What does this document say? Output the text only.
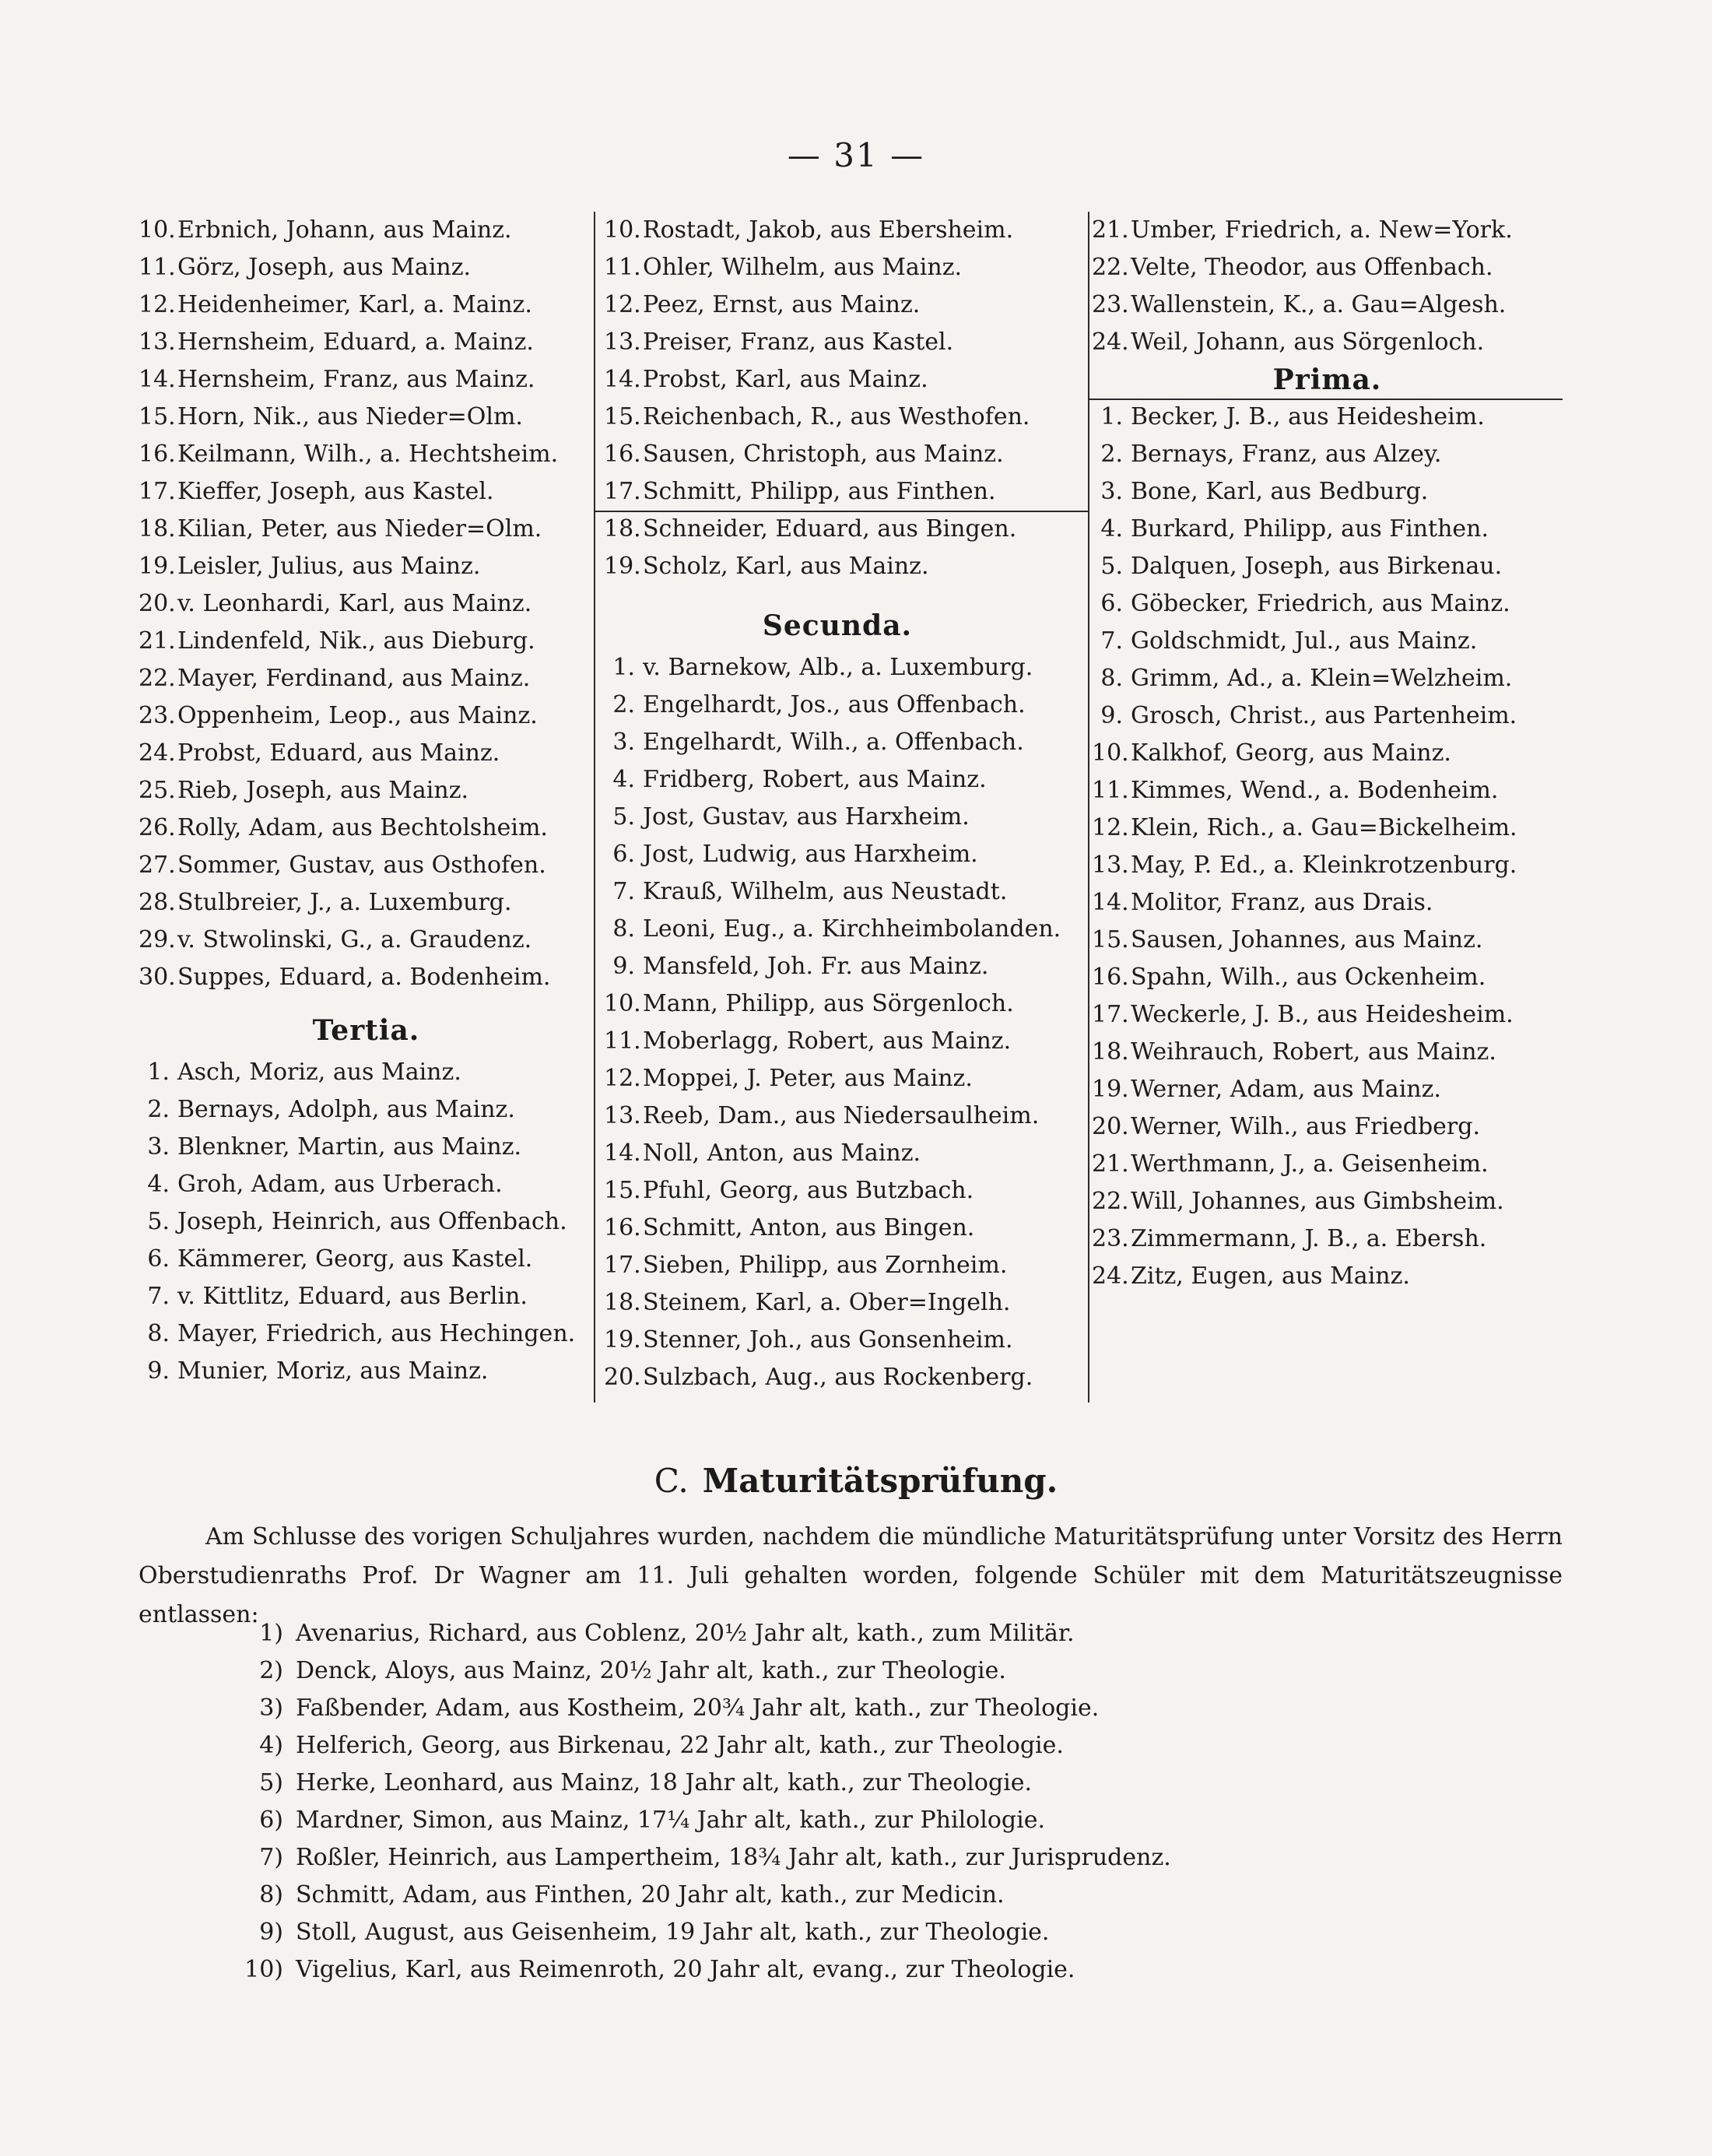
— 31 —
10.Erbnich, Johann, aus Mainz.
11.Görz, Joseph, aus Mainz.
12.Heidenheimer, Karl, a. Mainz.
13.Hernsheim, Eduard, a. Mainz.
14.Hernsheim, Franz, aus Mainz.
15.Horn, Nik., aus Nieder=Olm.
16.Keilmann, Wilh., a. Hechtsheim.
17.Kieffer, Joseph, aus Kastel.
18.Kilian, Peter, aus Nieder=Olm.
19.Leisler, Julius, aus Mainz.
20.v. Leonhardi, Karl, aus Mainz.
21.Lindenfeld, Nik., aus Dieburg.
22.Mayer, Ferdinand, aus Mainz.
23.Oppenheim, Leop., aus Mainz.
24.Probst, Eduard, aus Mainz.
25.Rieb, Joseph, aus Mainz.
26.Rolly, Adam, aus Bechtolsheim.
27.Sommer, Gustav, aus Osthofen.
28.Stulbreier, J., a. Luxemburg.
29.v. Stwolinski, G., a. Graudenz.
30.Suppes, Eduard, a. Bodenheim.
Tertia.
1. Asch, Moriz, aus Mainz.
2. Bernays, Adolph, aus Mainz.
3. Blenkner, Martin, aus Mainz.
4. Groh, Adam, aus Urberach.
5. Joseph, Heinrich, aus Offenbach.
6. Kämmerer, Georg, aus Kastel.
7. v. Kittlitz, Eduard, aus Berlin.
8. Mayer, Friedrich, aus Hechingen.
9. Munier, Moriz, aus Mainz.
10.Rostadt, Jakob, aus Ebersheim.
11.Ohler, Wilhelm, aus Mainz.
12.Peez, Ernst, aus Mainz.
13.Preiser, Franz, aus Kastel.
14.Probst, Karl, aus Mainz.
15.Reichenbach, R., aus Westhofen.
16.Sausen, Christoph, aus Mainz.
17.Schmitt, Philipp, aus Finthen.
18.Schneider, Eduard, aus Bingen.
19.Scholz, Karl, aus Mainz.
Secunda.
1. v. Barnekow, Alb., a. Luxemburg.
2. Engelhardt, Jos., aus Offenbach.
3. Engelhardt, Wilh., a. Offenbach.
4. Fridberg, Robert, aus Mainz.
5. Jost, Gustav, aus Harxheim.
6. Jost, Ludwig, aus Harxheim.
7. Krauß, Wilhelm, aus Neustadt.
8. Leoni, Eug., a. Kirchheimbolanden.
9. Mansfeld, Joh. Fr. aus Mainz.
10.Mann, Philipp, aus Sörgenloch.
11.Moberlagg, Robert, aus Mainz.
12.Moppei, J. Peter, aus Mainz.
13.Reeb, Dam., aus Niedersaulheim.
14.Noll, Anton, aus Mainz.
15.Pfuhl, Georg, aus Butzbach.
16.Schmitt, Anton, aus Bingen.
17.Sieben, Philipp, aus Zornheim.
18.Steinem, Karl, a. Ober=Ingelh.
19.Stenner, Joh., aus Gonsenheim.
20.Sulzbach, Aug., aus Rockenberg.
21.Umber, Friedrich, a. New=York.
22.Velte, Theodor, aus Offenbach.
23.Wallenstein, K., a. Gau=Algesh.
24.Weil, Johann, aus Sörgenloch.
Prima.
1. Becker, J. B., aus Heidesheim.
2. Bernays, Franz, aus Alzey.
3. Bone, Karl, aus Bedburg.
4. Burkard, Philipp, aus Finthen.
5. Dalquen, Joseph, aus Birkenau.
6. Göbecker, Friedrich, aus Mainz.
7. Goldschmidt, Jul., aus Mainz.
8. Grimm, Ad., a. Klein=Welzheim.
9. Grosch, Christ., aus Partenheim.
10.Kalkhof, Georg, aus Mainz.
11.Kimmes, Wend., a. Bodenheim.
12.Klein, Rich., a. Gau=Bickelheim.
13.May, P. Ed., a. Kleinkrotzenburg.
14.Molitor, Franz, aus Drais.
15.Sausen, Johannes, aus Mainz.
16.Spahn, Wilh., aus Ockenheim.
17.Weckerle, J. B., aus Heidesheim.
18.Weihrauch, Robert, aus Mainz.
19.Werner, Adam, aus Mainz.
20.Werner, Wilh., aus Friedberg.
21.Werthmann, J., a. Geisenheim.
22.Will, Johannes, aus Gimbsheim.
23.Zimmermann, J. B., a. Ebersh.
24.Zitz, Eugen, aus Mainz.
C. Maturitätsprüfung.
Am Schlusse des vorigen Schuljahres wurden, nachdem die mündliche Maturitätsprüfung unter Vorsitz des Herrn Oberstudienraths Prof. Dr Wagner am 11. Juli gehalten worden, folgende Schüler mit dem Maturitätszeugnisse entlassen:
1) Avenarius, Richard, aus Coblenz, 20½ Jahr alt, kath., zum Militär.
2) Denck, Aloys, aus Mainz, 20½ Jahr alt, kath., zur Theologie.
3) Faßbender, Adam, aus Kostheim, 20¾ Jahr alt, kath., zur Theologie.
4) Helferich, Georg, aus Birkenau, 22 Jahr alt, kath., zur Theologie.
5) Herke, Leonhard, aus Mainz, 18 Jahr alt, kath., zur Theologie.
6) Mardner, Simon, aus Mainz, 17¼ Jahr alt, kath., zur Philologie.
7) Roßler, Heinrich, aus Lampertheim, 18¾ Jahr alt, kath., zur Jurisprudenz.
8) Schmitt, Adam, aus Finthen, 20 Jahr alt, kath., zur Medicin.
9) Stoll, August, aus Geisenheim, 19 Jahr alt, kath., zur Theologie.
10) Vigelius, Karl, aus Reimenroth, 20 Jahr alt, evang., zur Theologie.
